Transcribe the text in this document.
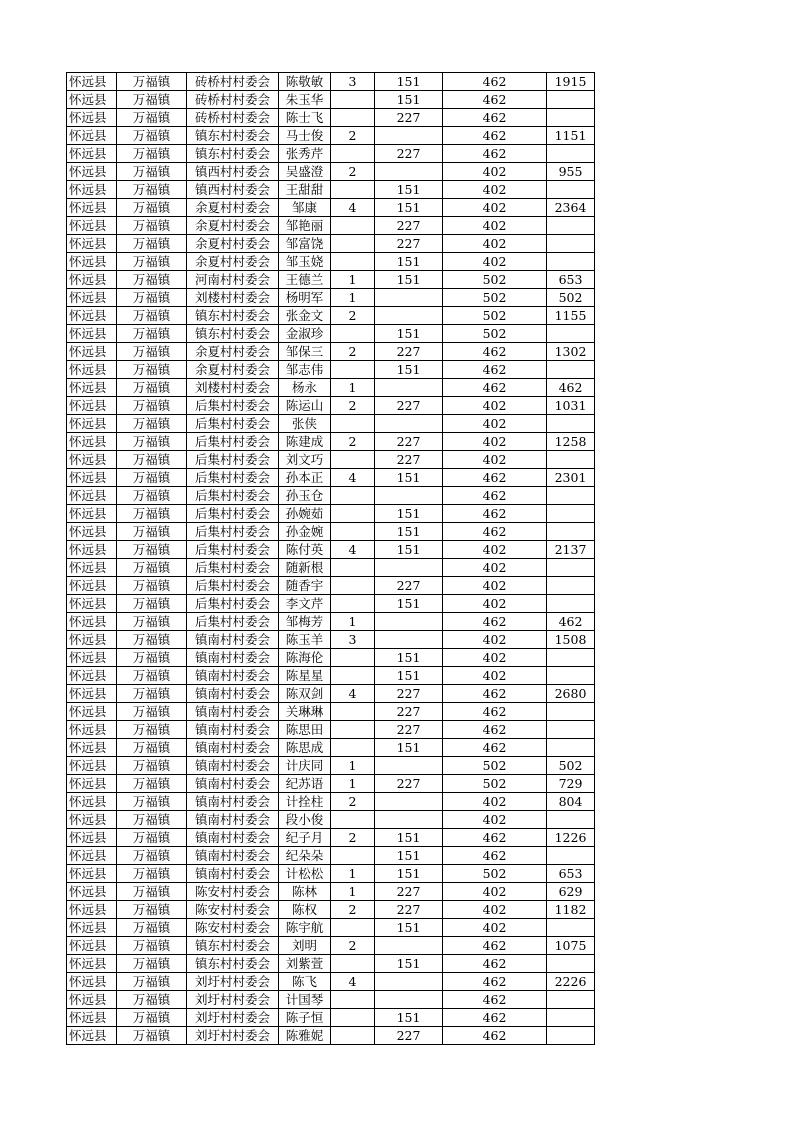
怀远县	万福镇	砖桥村村委会	陈敬敏	3	151	462	1915
怀远县	万福镇	砖桥村村委会	朱玉华		151	462	
怀远县	万福镇	砖桥村村委会	陈士飞		227	462	
怀远县	万福镇	镇东村村委会	马士俊	2		462	1151
怀远县	万福镇	镇东村村委会	张秀芹		227	462	
怀远县	万福镇	镇西村村委会	吴盛澄	2		402	955
怀远县	万福镇	镇西村村委会	王甜甜		151	402	
怀远县	万福镇	余夏村村委会	邹康	4	151	402	2364
怀远县	万福镇	余夏村村委会	邹艳丽		227	402	
怀远县	万福镇	余夏村村委会	邹富饶		227	402	
怀远县	万福镇	余夏村村委会	邹玉娆		151	402	
怀远县	万福镇	河南村村委会	王德兰	1	151	502	653
怀远县	万福镇	刘楼村村委会	杨明军	1		502	502
怀远县	万福镇	镇东村村委会	张金文	2		502	1155
怀远县	万福镇	镇东村村委会	金淑珍		151	502	
怀远县	万福镇	余夏村村委会	邹保三	2	227	462	1302
怀远县	万福镇	余夏村村委会	邹志伟		151	462	
怀远县	万福镇	刘楼村村委会	杨永	1		462	462
怀远县	万福镇	后集村村委会	陈运山	2	227	402	1031
怀远县	万福镇	后集村村委会	张侠			402	
怀远县	万福镇	后集村村委会	陈建成	2	227	402	1258
怀远县	万福镇	后集村村委会	刘文巧		227	402	
怀远县	万福镇	后集村村委会	孙本正	4	151	462	2301
怀远县	万福镇	后集村村委会	孙玉仓			462	
怀远县	万福镇	后集村村委会	孙婉茹		151	462	
怀远县	万福镇	后集村村委会	孙金婉		151	462	
怀远县	万福镇	后集村村委会	陈付英	4	151	402	2137
怀远县	万福镇	后集村村委会	随新根			402	
怀远县	万福镇	后集村村委会	随香宇		227	402	
怀远县	万福镇	后集村村委会	李文芹		151	402	
怀远县	万福镇	后集村村委会	邹梅芳	1		462	462
怀远县	万福镇	镇南村村委会	陈玉羊	3		402	1508
怀远县	万福镇	镇南村村委会	陈海伦		151	402	
怀远县	万福镇	镇南村村委会	陈星星		151	402	
怀远县	万福镇	镇南村村委会	陈双剑	4	227	462	2680
怀远县	万福镇	镇南村村委会	关琳琳		227	462	
怀远县	万福镇	镇南村村委会	陈思田		227	462	
怀远县	万福镇	镇南村村委会	陈思成		151	462	
怀远县	万福镇	镇南村村委会	计庆同	1		502	502
怀远县	万福镇	镇南村村委会	纪苏语	1	227	502	729
怀远县	万福镇	镇南村村委会	计拴柱	2		402	804
怀远县	万福镇	镇南村村委会	段小俊			402	
怀远县	万福镇	镇南村村委会	纪子月	2	151	462	1226
怀远县	万福镇	镇南村村委会	纪朵朵		151	462	
怀远县	万福镇	镇南村村委会	计松松	1	151	502	653
怀远县	万福镇	陈安村村委会	陈林	1	227	402	629
怀远县	万福镇	陈安村村委会	陈权	2	227	402	1182
怀远县	万福镇	陈安村村委会	陈宇航		151	402	
怀远县	万福镇	镇东村村委会	刘明	2		462	1075
怀远县	万福镇	镇东村村委会	刘紫萱		151	462	
怀远县	万福镇	刘圩村村委会	陈飞	4		462	2226
怀远县	万福镇	刘圩村村委会	计国琴			462	
怀远县	万福镇	刘圩村村委会	陈子恒		151	462	
怀远县	万福镇	刘圩村村委会	陈雅妮		227	462	
